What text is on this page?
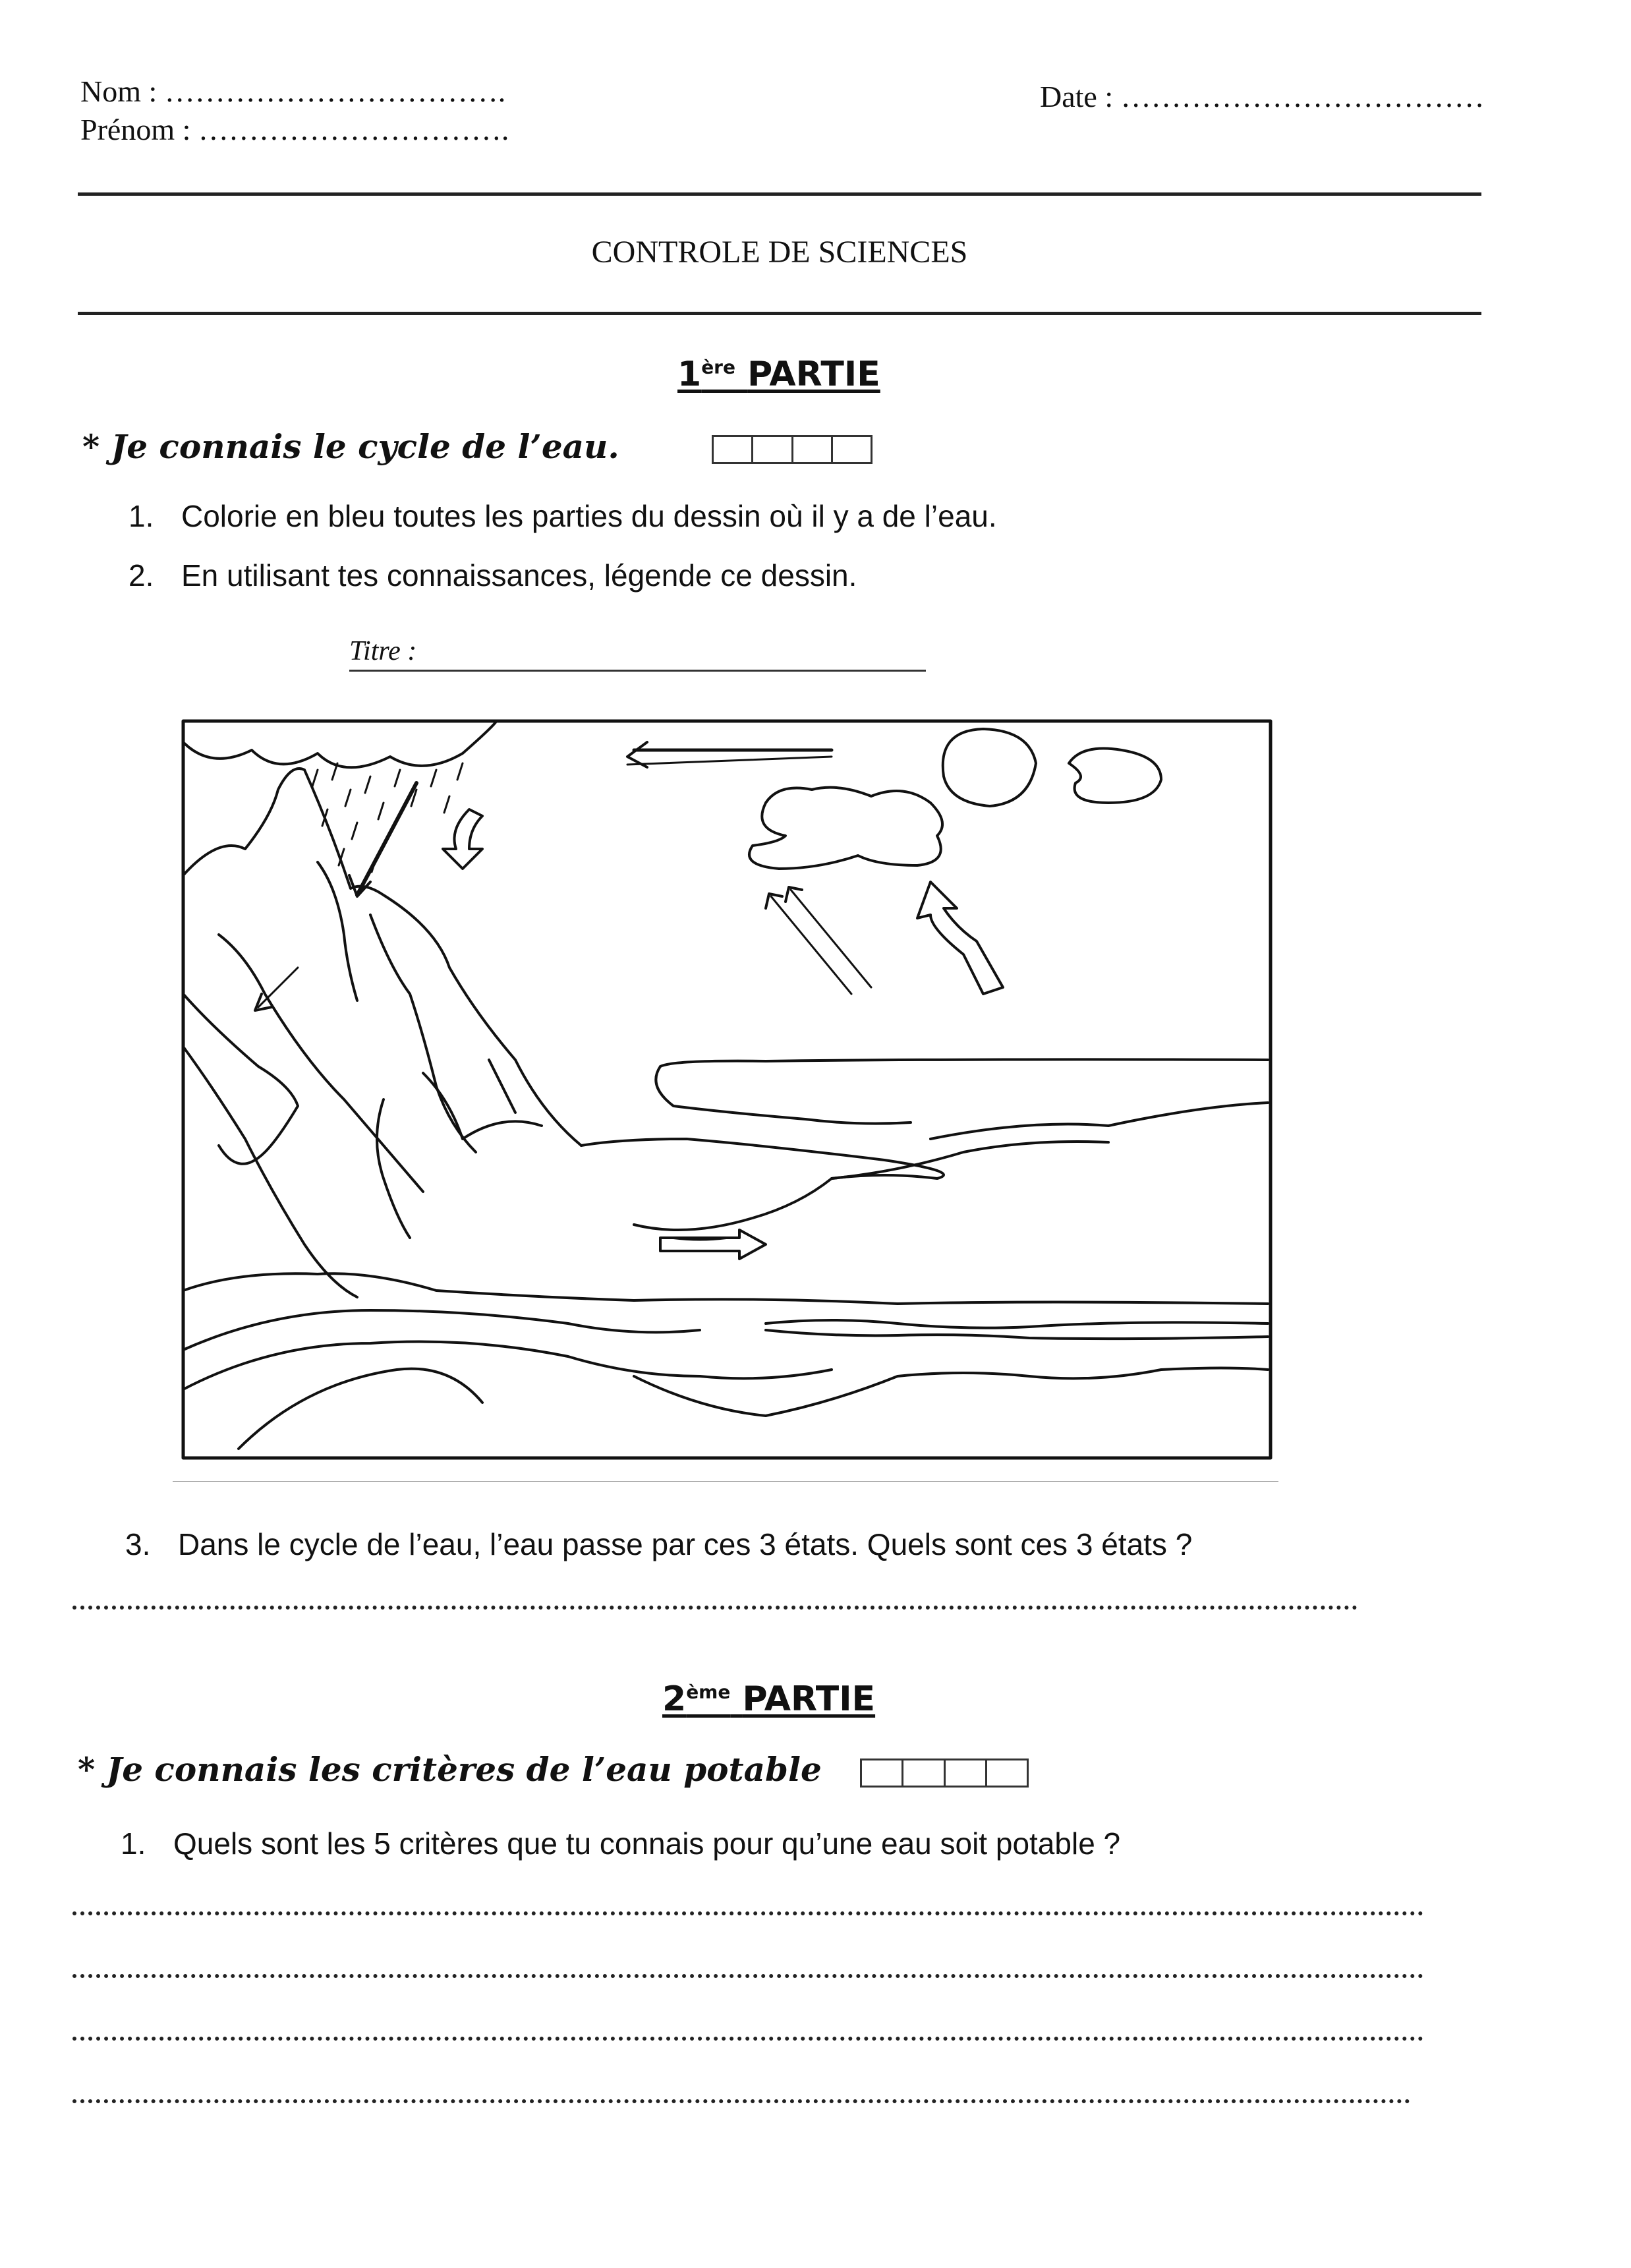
Nom : …………………………….
Prénom : ………………………….
Date : ………………………………
CONTROLE DE SCIENCES
1ère PARTIE
* Je connais le cycle de l’eau.
1. Colorie en bleu toutes les parties du dessin où il y a de l’eau.
2. En utilisant tes connaissances, légende ce dessin.
Titre :
3. Dans le cycle de l’eau, l’eau passe par ces 3 états. Quels sont ces 3 états ?
2ème PARTIE
* Je connais les critères de l’eau potable
1. Quels sont les 5 critères que tu connais pour qu’une eau soit potable ?
